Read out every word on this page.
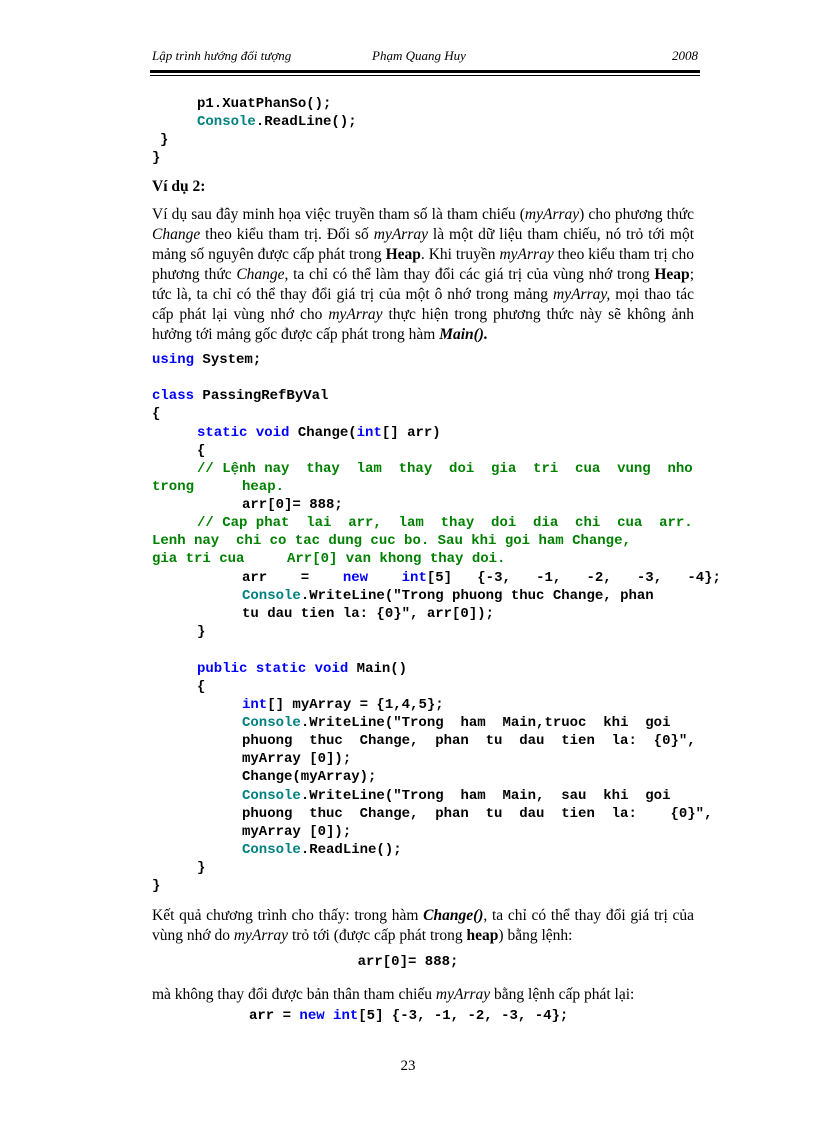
Lập trình hướng đối tượng	Phạm Quang Huy	2008
p1.XuatPhanSo();
Console.ReadLine();
}
}
Ví dụ 2:
Ví dụ sau đây minh họa việc truyền tham số là tham chiếu (myArray) cho phương thức Change theo kiểu tham trị. Đối số myArray là một dữ liệu tham chiếu, nó trỏ tới một mảng số nguyên được cấp phát trong Heap. Khi truyền myArray theo kiểu tham trị cho phương thức Change, ta chỉ có thể làm thay đổi các giá trị của vùng nhớ trong Heap; tức là, ta chỉ có thể thay đổi giá trị của một ô nhớ trong mảng myArray, mọi thao tác cấp phát lại vùng nhớ cho myArray thực hiện trong phương thức này sẽ không ảnh hưởng tới mảng gốc được cấp phát trong hàm Main().
using System;
class PassingRefByVal
{
static void Change(int[] arr)
{
// Lệnh nay  thay  lam  thay  doi  gia  tri  cua  vung  nho
trong	heap.
arr[0]= 888;
// Cap phat  lai  arr,  lam  thay  doi  dia  chi  cua  arr.
Lenh nay  chi co tac dung cuc bo. Sau khi goi ham Change,
gia tri cua	Arr[0] van khong thay doi.
arr    =    new int[5]   {-3,   -1,   -2,   -3,   -4};
Console.WriteLine("Trong phuong thuc Change, phan
tu dau tien la: {0}", arr[0]);
}
public static void Main()
{
int[] myArray = {1,4,5};
Console.WriteLine("Trong  ham  Main,truoc  khi  goi
phuong  thuc  Change,  phan  tu  dau  tien  la:  {0}",
myArray [0]);
Change(myArray);
Console.WriteLine("Trong  ham  Main,  sau  khi  goi
phuong  thuc  Change,  phan  tu  dau  tien  la:    {0}",
myArray [0]);
Console.ReadLine();
}
}
Kết quả chương trình cho thấy: trong hàm Change(), ta chỉ có thể thay đổi giá trị của vùng nhớ do myArray trỏ tới (được cấp phát trong heap) bằng lệnh:
arr[0]= 888;
mà không thay đổi được bản thân tham chiếu myArray bằng lệnh cấp phát lại:
arr = new int[5] {-3, -1, -2, -3, -4};
23
